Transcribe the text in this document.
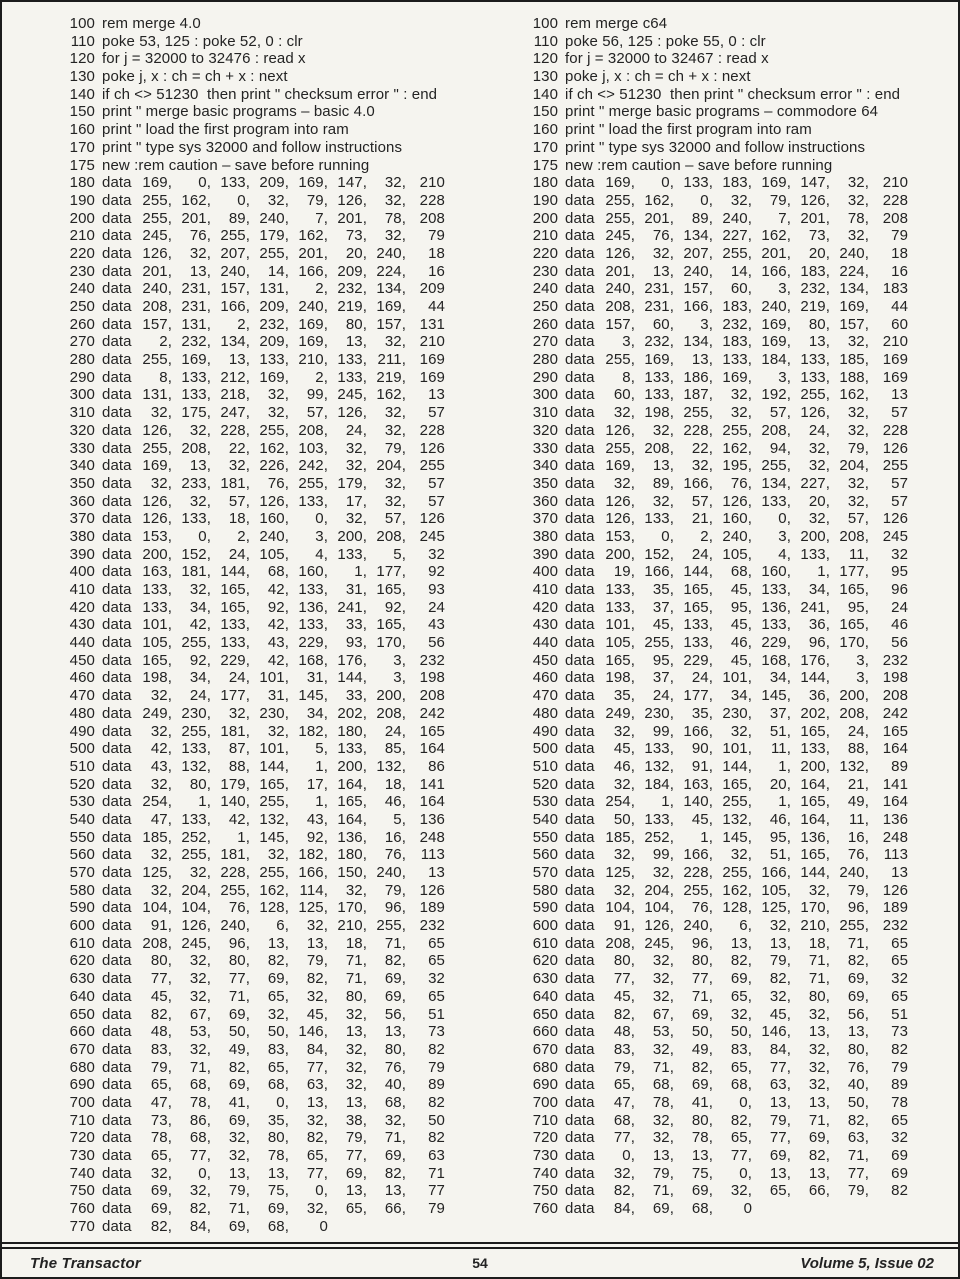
100 rem merge 4.0
110 poke 53, 125 : poke 52, 0 : clr
120 for j = 32000 to 32476 : read x
130 poke j, x : ch = ch + x : next
140 if ch <> 51230  then print " checksum error " : end
150 print " merge basic programs – basic 4.0
160 print " load the first program into ram
170 print " type sys 32000 and follow instructions
175 new :rem caution – save before running
180 data 169,	0, 133, 209, 169, 147,	32, 210
190 data 255, 162,	0,	32,	79, 126,	32, 228
200 data 255, 201,	89, 240,	7, 201,	78, 208
210 data 245,	76, 255, 179, 162,	73,	32,	79
220 data 126,	32, 207, 255, 201,	20, 240,	18
230 data 201,	13, 240,	14, 166, 209, 224,	16
240 data 240, 231, 157, 131,	2, 232, 134, 209
250 data 208, 231, 166, 209, 240, 219, 169,	44
260 data 157, 131,	2, 232, 169,	80, 157, 131
270 data	2, 232, 134, 209, 169,	13,	32, 210
280 data 255, 169,	13, 133, 210, 133, 211, 169
290 data	8, 133, 212, 169,	2, 133, 219, 169
300 data 131, 133, 218,	32,	99, 245, 162,	13
310 data	32, 175, 247,	32,	57, 126,	32,	57
320 data 126,	32, 228, 255, 208,	24,	32, 228
330 data 255, 208,	22, 162, 103,	32,	79, 126
340 data 169,	13,	32, 226, 242,	32, 204, 255
350 data	32, 233, 181,	76, 255, 179,	32,	57
360 data 126,	32,	57, 126, 133,	17,	32,	57
370 data 126, 133,	18, 160,	0,	32,	57, 126
380 data 153,	0,	2, 240,	3, 200, 208, 245
390 data 200, 152,	24, 105,	4, 133,	5,	32
400 data 163, 181, 144,	68, 160,	1, 177,	92
410 data 133,	32, 165,	42, 133,	31, 165,	93
420 data 133,	34, 165,	92, 136, 241,	92,	24
430 data 101,	42, 133,	42, 133,	33, 165,	43
440 data 105, 255, 133,	43, 229,	93, 170,	56
450 data 165,	92, 229,	42, 168, 176,	3, 232
460 data 198,	34,	24, 101,	31, 144,	3, 198
470 data	32,	24, 177,	31, 145,	33, 200, 208
480 data 249, 230,	32, 230,	34, 202, 208, 242
490 data	32, 255, 181,	32, 182, 180,	24, 165
500 data	42, 133,	87, 101,	5, 133,	85, 164
510 data	43, 132,	88, 144,	1, 200, 132,	86
520 data	32,	80, 179, 165,	17, 164,	18, 141
530 data 254,	1, 140, 255,	1, 165,	46, 164
540 data	47, 133,	42, 132,	43, 164,	5, 136
550 data 185, 252,	1, 145,	92, 136,	16, 248
560 data	32, 255, 181,	32, 182, 180,	76, 113
570 data 125,	32, 228, 255, 166, 150, 240,	13
580 data	32, 204, 255, 162, 114,	32,	79, 126
590 data 104, 104,	76, 128, 125, 170,	96, 189
600 data	91, 126, 240,	6,	32, 210, 255, 232
610 data 208, 245,	96,	13,	13,	18,	71,	65
620 data	80,	32,	80,	82,	79,	71,	82,	65
630 data	77,	32,	77,	69,	82,	71,	69,	32
640 data	45,	32,	71,	65,	32,	80,	69,	65
650 data	82,	67,	69,	32,	45,	32,	56,	51
660 data	48,	53,	50,	50, 146,	13,	13,	73
670 data	83,	32,	49,	83,	84,	32,	80,	82
680 data	79,	71,	82,	65,	77,	32,	76,	79
690 data	65,	68,	69,	68,	63,	32,	40,	89
700 data	47,	78,	41,	0,	13,	13,	68,	82
710 data	73,	86,	69,	35,	32,	38,	32,	50
720 data	78,	68,	32,	80,	82,	79,	71,	82
730 data	65,	77,	32,	78,	65,	77,	69,	63
740 data	32,	0,	13,	13,	77,	69,	82,	71
750 data	69,	32,	79,	75,	0,	13,	13,	77
760 data	69,	82,	71,	69,	32,	65,	66,	79
770 data	82,	84,	69,	68,	0
100 rem merge c64
110 poke 56, 125 : poke 55, 0 : clr
120 for j = 32000 to 32467 : read x
130 poke j, x : ch = ch + x : next
140 if ch <> 51230  then print " checksum error " : end
150 print " merge basic programs – commodore 64
160 print " load the first program into ram
170 print " type sys 32000 and follow instructions
175 new :rem caution – save before running
180 data 169,	0, 133, 183, 169, 147,	32, 210
190 data 255, 162,	0,	32,	79, 126,	32, 228
200 data 255, 201,	89, 240,	7, 201,	78, 208
210 data 245,	76, 134, 227, 162,	73,	32,	79
220 data 126,	32, 207, 255, 201,	20, 240,	18
230 data 201,	13, 240,	14, 166, 183, 224,	16
240 data 240, 231, 157,	60,	3, 232, 134, 183
250 data 208, 231, 166, 183, 240, 219, 169,	44
260 data 157,	60,	3, 232, 169,	80, 157,	60
270 data	3, 232, 134, 183, 169,	13,	32, 210
280 data 255, 169,	13, 133, 184, 133, 185, 169
290 data	8, 133, 186, 169,	3, 133, 188, 169
300 data	60, 133, 187,	32, 192, 255, 162,	13
310 data	32, 198, 255,	32,	57, 126,	32,	57
320 data 126,	32, 228, 255, 208,	24,	32, 228
330 data 255, 208,	22, 162,	94,	32,	79, 126
340 data 169,	13,	32, 195, 255,	32, 204, 255
350 data	32,	89, 166,	76, 134, 227,	32,	57
360 data 126,	32,	57, 126, 133,	20,	32,	57
370 data 126, 133,	21, 160,	0,	32,	57, 126
380 data 153,	0,	2, 240,	3, 200, 208, 245
390 data 200, 152,	24, 105,	4, 133,	11,	32
400 data	19, 166, 144,	68, 160,	1, 177,	95
410 data 133,	35, 165,	45, 133,	34, 165,	96
420 data 133,	37, 165,	95, 136, 241,	95,	24
430 data 101,	45, 133,	45, 133,	36, 165,	46
440 data 105, 255, 133,	46, 229,	96, 170,	56
450 data 165,	95, 229,	45, 168, 176,	3, 232
460 data 198,	37,	24, 101,	34, 144,	3, 198
470 data	35,	24, 177,	34, 145,	36, 200, 208
480 data 249, 230,	35, 230,	37, 202, 208, 242
490 data	32,	99, 166,	32,	51, 165,	24, 165
500 data	45, 133,	90, 101,	11, 133,	88, 164
510 data	46, 132,	91, 144,	1, 200, 132,	89
520 data	32, 184, 163, 165,	20, 164,	21, 141
530 data 254,	1, 140, 255,	1, 165,	49, 164
540 data	50, 133,	45, 132,	46, 164,	11, 136
550 data 185, 252,	1, 145,	95, 136,	16, 248
560 data	32,	99, 166,	32,	51, 165,	76, 113
570 data 125,	32, 228, 255, 166, 144, 240,	13
580 data	32, 204, 255, 162, 105,	32,	79, 126
590 data 104, 104,	76, 128, 125, 170,	96, 189
600 data	91, 126, 240,	6,	32, 210, 255, 232
610 data 208, 245,	96,	13,	13,	18,	71,	65
620 data	80,	32,	80,	82,	79,	71,	82,	65
630 data	77,	32,	77,	69,	82,	71,	69,	32
640 data	45,	32,	71,	65,	32,	80,	69,	65
650 data	82,	67,	69,	32,	45,	32,	56,	51
660 data	48,	53,	50,	50, 146,	13,	13,	73
670 data	83,	32,	49,	83,	84,	32,	80,	82
680 data	79,	71,	82,	65,	77,	32,	76,	79
690 data	65,	68,	69,	68,	63,	32,	40,	89
700 data	47,	78,	41,	0,	13,	13,	50,	78
710 data	68,	32,	80,	82,	79,	71,	82,	65
720 data	77,	32,	78,	65,	77,	69,	63,	32
730 data	0,	13,	13,	77,	69,	82,	71,	69
740 data	32,	79,	75,	0,	13,	13,	77,	69
750 data	82,	71,	69,	32,	65,	66,	79,	82
760 data	84,	69,	68,	0
The Transactor	54	Volume 5, Issue 02
